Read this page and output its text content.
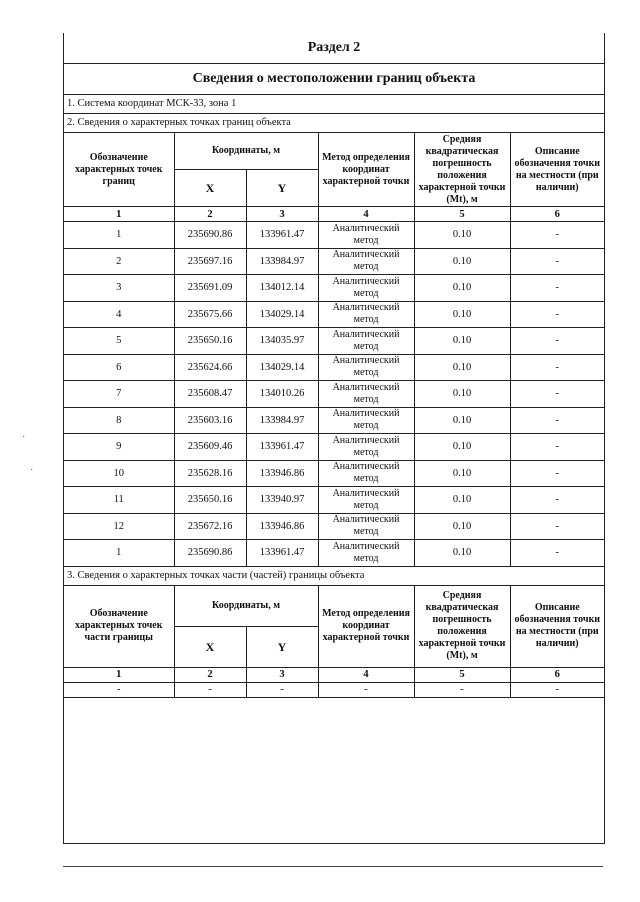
Раздел 2
Сведения о местоположении границ объекта
1. Система координат МСК-33, зона 1
2. Сведения о характерных точках границ объекта
Обозначение характерных точек границ	Координаты, м		Метод определения координат характерной точки	Средняя квадратическая погрешность положения характерной точки (Mt), м	Описание обозначения точки на местности (при наличии)
	X	Y			
1	2	3	4	5	6
1	235690.86	133961.47	Аналитический метод	0.10	-
2	235697.16	133984.97	Аналитический метод	0.10	-
3	235691.09	134012.14	Аналитический метод	0.10	-
4	235675.66	134029.14	Аналитический метод	0.10	-
5	235650.16	134035.97	Аналитический метод	0.10	-
6	235624.66	134029.14	Аналитический метод	0.10	-
7	235608.47	134010.26	Аналитический метод	0.10	-
8	235603.16	133984.97	Аналитический метод	0.10	-
9	235609.46	133961.47	Аналитический метод	0.10	-
10	235628.16	133946.86	Аналитический метод	0.10	-
11	235650.16	133940.97	Аналитический метод	0.10	-
12	235672.16	133946.86	Аналитический метод	0.10	-
1	235690.86	133961.47	Аналитический метод	0.10	-
3. Сведения о характерных точках части (частей) границы объекта
Обозначение характерных точек части границы	Координаты, м		Метод определения координат характерной точки	Средняя квадратическая погрешность положения характерной точки (Mt), м	Описание обозначения точки на местности (при наличии)
	X	Y			
1	2	3	4	5	6
-	-	-	-	-	-
·
·
